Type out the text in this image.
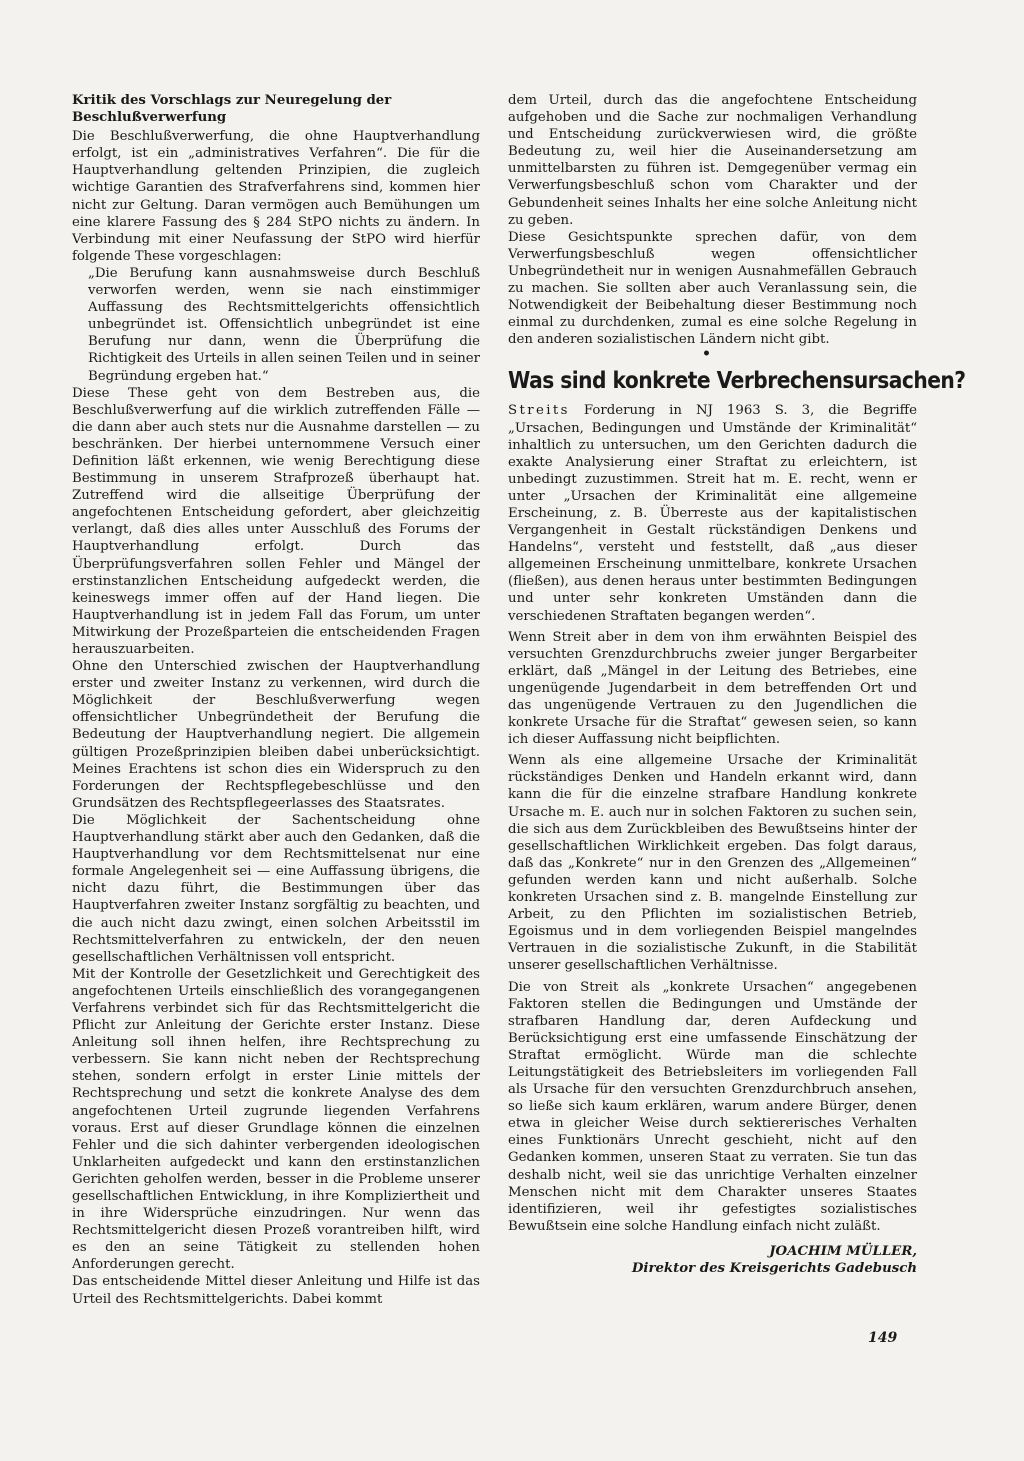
Kritik des Vorschlags zur Neuregelung der Beschlußverwerfung

Die Beschlußverwerfung, die ohne Hauptverhandlung erfolgt, ist ein „administratives Verfahren“. Die für die Hauptverhandlung geltenden Prinzipien, die zugleich wichtige Garantien des Strafverfahrens sind, kommen hier nicht zur Geltung. Daran vermögen auch Bemühungen um eine klarere Fassung des § 284 StPO nichts zu ändern. In Verbindung mit einer Neufassung der StPO wird hierfür folgende These vorgeschlagen:

„Die Berufung kann ausnahmsweise durch Beschluß verworfen werden, wenn sie nach einstimmiger Auffassung des Rechtsmittelgerichts offensichtlich unbegründet ist. Offensichtlich unbegründet ist eine Berufung nur dann, wenn die Überprüfung die Richtigkeit des Urteils in allen seinen Teilen und in seiner Begründung ergeben hat.“

Diese These geht von dem Bestreben aus, die Beschlußverwerfung auf die wirklich zutreffenden Fälle — die dann aber auch stets nur die Ausnahme darstellen — zu beschränken. Der hierbei unternommene Versuch einer Definition läßt erkennen, wie wenig Berechtigung diese Bestimmung in unserem Strafprozeß überhaupt hat. Zutreffend wird die allseitige Überprüfung der angefochtenen Entscheidung gefordert, aber gleichzeitig verlangt, daß dies alles unter Ausschluß des Forums der Hauptverhandlung erfolgt. Durch das Überprüfungsverfahren sollen Fehler und Mängel der erstinstanzlichen Entscheidung aufgedeckt werden, die keineswegs immer offen auf der Hand liegen. Die Hauptverhandlung ist in jedem Fall das Forum, um unter Mitwirkung der Prozeßparteien die entscheidenden Fragen herauszuarbeiten.

Ohne den Unterschied zwischen der Hauptverhandlung erster und zweiter Instanz zu verkennen, wird durch die Möglichkeit der Beschlußverwerfung wegen offensichtlicher Unbegründetheit der Berufung die Bedeutung der Hauptverhandlung negiert. Die allgemein gültigen Prozeßprinzipien bleiben dabei unberücksichtigt. Meines Erachtens ist schon dies ein Widerspruch zu den Forderungen der Rechtspflegebeschlüsse und den Grundsätzen des Rechtspflegeerlasses des Staatsrates.

Die Möglichkeit der Sachentscheidung ohne Hauptverhandlung stärkt aber auch den Gedanken, daß die Hauptverhandlung vor dem Rechtsmittelsenat nur eine formale Angelegenheit sei — eine Auffassung übrigens, die nicht dazu führt, die Bestimmungen über das Hauptverfahren zweiter Instanz sorgfältig zu beachten, und die auch nicht dazu zwingt, einen solchen Arbeitsstil im Rechtsmittelverfahren zu entwickeln, der den neuen gesellschaftlichen Verhältnissen voll entspricht.

Mit der Kontrolle der Gesetzlichkeit und Gerechtigkeit des angefochtenen Urteils einschließlich des vorangegangenen Verfahrens verbindet sich für das Rechtsmittelgericht die Pflicht zur Anleitung der Gerichte erster Instanz. Diese Anleitung soll ihnen helfen, ihre Rechtsprechung zu verbessern. Sie kann nicht neben der Rechtsprechung stehen, sondern erfolgt in erster Linie mittels der Rechtsprechung und setzt die konkrete Analyse des dem angefochtenen Urteil zugrunde liegenden Verfahrens voraus. Erst auf dieser Grundlage können die einzelnen Fehler und die sich dahinter verbergenden ideologischen Unklarheiten aufgedeckt und kann den erstinstanzlichen Gerichten geholfen werden, besser in die Probleme unserer gesellschaftlichen Entwicklung, in ihre Kompliziertheit und in ihre Widersprüche einzudringen. Nur wenn das Rechtsmittelgericht diesen Prozeß vorantreiben hilft, wird es den an seine Tätigkeit zu stellenden hohen Anforderungen gerecht.

Das entscheidende Mittel dieser Anleitung und Hilfe ist das Urteil des Rechtsmittelgerichts. Dabei kommt

dem Urteil, durch das die angefochtene Entscheidung aufgehoben und die Sache zur nochmaligen Verhandlung und Entscheidung zurückverwiesen wird, die größte Bedeutung zu, weil hier die Auseinandersetzung am unmittelbarsten zu führen ist. Demgegenüber vermag ein Verwerfungsbeschluß schon vom Charakter und der Gebundenheit seines Inhalts her eine solche Anleitung nicht zu geben.

Diese Gesichtspunkte sprechen dafür, von dem Verwerfungsbeschluß wegen offensichtlicher Unbegründetheit nur in wenigen Ausnahmefällen Gebrauch zu machen. Sie sollten aber auch Veranlassung sein, die Notwendigkeit der Beibehaltung dieser Bestimmung noch einmal zu durchdenken, zumal es eine solche Regelung in den anderen sozialistischen Ländern nicht gibt.

Was sind konkrete Verbrechensursachen?

Streits Forderung in NJ 1963 S. 3, die Begriffe „Ursachen, Bedingungen und Umstände der Kriminalität“ inhaltlich zu untersuchen, um den Gerichten dadurch die exakte Analysierung einer Straftat zu erleichtern, ist unbedingt zuzustimmen. Streit hat m. E. recht, wenn er unter „Ursachen der Kriminalität eine allgemeine Erscheinung, z. B. Überreste aus der kapitalistischen Vergangenheit in Gestalt rückständigen Denkens und Handelns“, versteht und feststellt, daß „aus dieser allgemeinen Erscheinung unmittelbare, konkrete Ursachen (fließen), aus denen heraus unter bestimmten Bedingungen und unter sehr konkreten Umständen dann die verschiedenen Straftaten begangen werden“.

Wenn Streit aber in dem von ihm erwähnten Beispiel des versuchten Grenzdurchbruchs zweier junger Bergarbeiter erklärt, daß „Mängel in der Leitung des Betriebes, eine ungenügende Jugendarbeit in dem betreffenden Ort und das ungenügende Vertrauen zu den Jugendlichen die konkrete Ursache für die Straftat“ gewesen seien, so kann ich dieser Auffassung nicht beipflichten.

Wenn als eine allgemeine Ursache der Kriminalität rückständiges Denken und Handeln erkannt wird, dann kann die für die einzelne strafbare Handlung konkrete Ursache m. E. auch nur in solchen Faktoren zu suchen sein, die sich aus dem Zurückbleiben des Bewußtseins hinter der gesellschaftlichen Wirklichkeit ergeben. Das folgt daraus, daß das „Konkrete“ nur in den Grenzen des „Allgemeinen“ gefunden werden kann und nicht außerhalb. Solche konkreten Ursachen sind z. B. mangelnde Einstellung zur Arbeit, zu den Pflichten im sozialistischen Betrieb, Egoismus und in dem vorliegenden Beispiel mangelndes Vertrauen in die sozialistische Zukunft, in die Stabilität unserer gesellschaftlichen Verhältnisse.

Die von Streit als „konkrete Ursachen“ angegebenen Faktoren stellen die Bedingungen und Umstände der strafbaren Handlung dar, deren Aufdeckung und Berücksichtigung erst eine umfassende Einschätzung der Straftat ermöglicht. Würde man die schlechte Leitungstätigkeit des Betriebsleiters im vorliegenden Fall als Ursache für den versuchten Grenzdurchbruch ansehen, so ließe sich kaum erklären, warum andere Bürger, denen etwa in gleicher Weise durch sektiererisches Verhalten eines Funktionärs Unrecht geschieht, nicht auf den Gedanken kommen, unseren Staat zu verraten. Sie tun das deshalb nicht, weil sie das unrichtige Verhalten einzelner Menschen nicht mit dem Charakter unseres Staates identifizieren, weil ihr gefestigtes sozialistisches Bewußtsein eine solche Handlung einfach nicht zuläßt.

JOACHIM MÜLLER,
Direktor des Kreisgerichts Gadebusch
•
149
